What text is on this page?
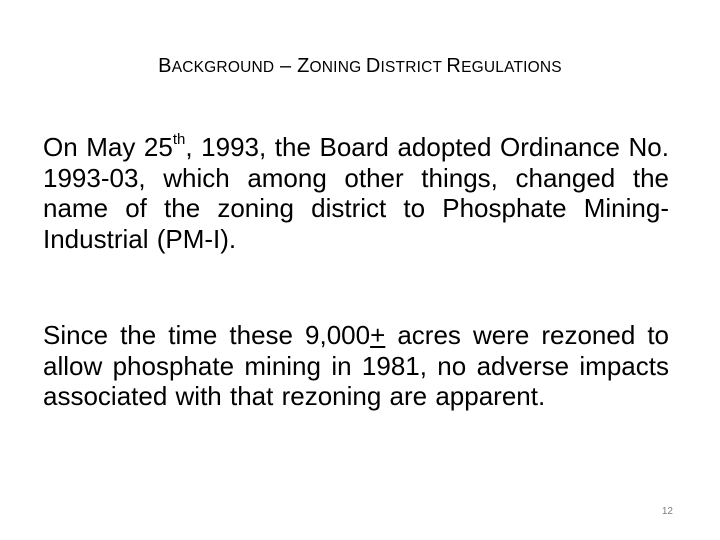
BACKGROUND – ZONING DISTRICT REGULATIONS
On May 25th, 1993, the Board adopted Ordinance No. 1993-03, which among other things, changed the name of the zoning district to Phosphate Mining-Industrial (PM-I).
Since the time these 9,000+ acres were rezoned to allow phosphate mining in 1981, no adverse impacts associated with that rezoning are apparent.
12
